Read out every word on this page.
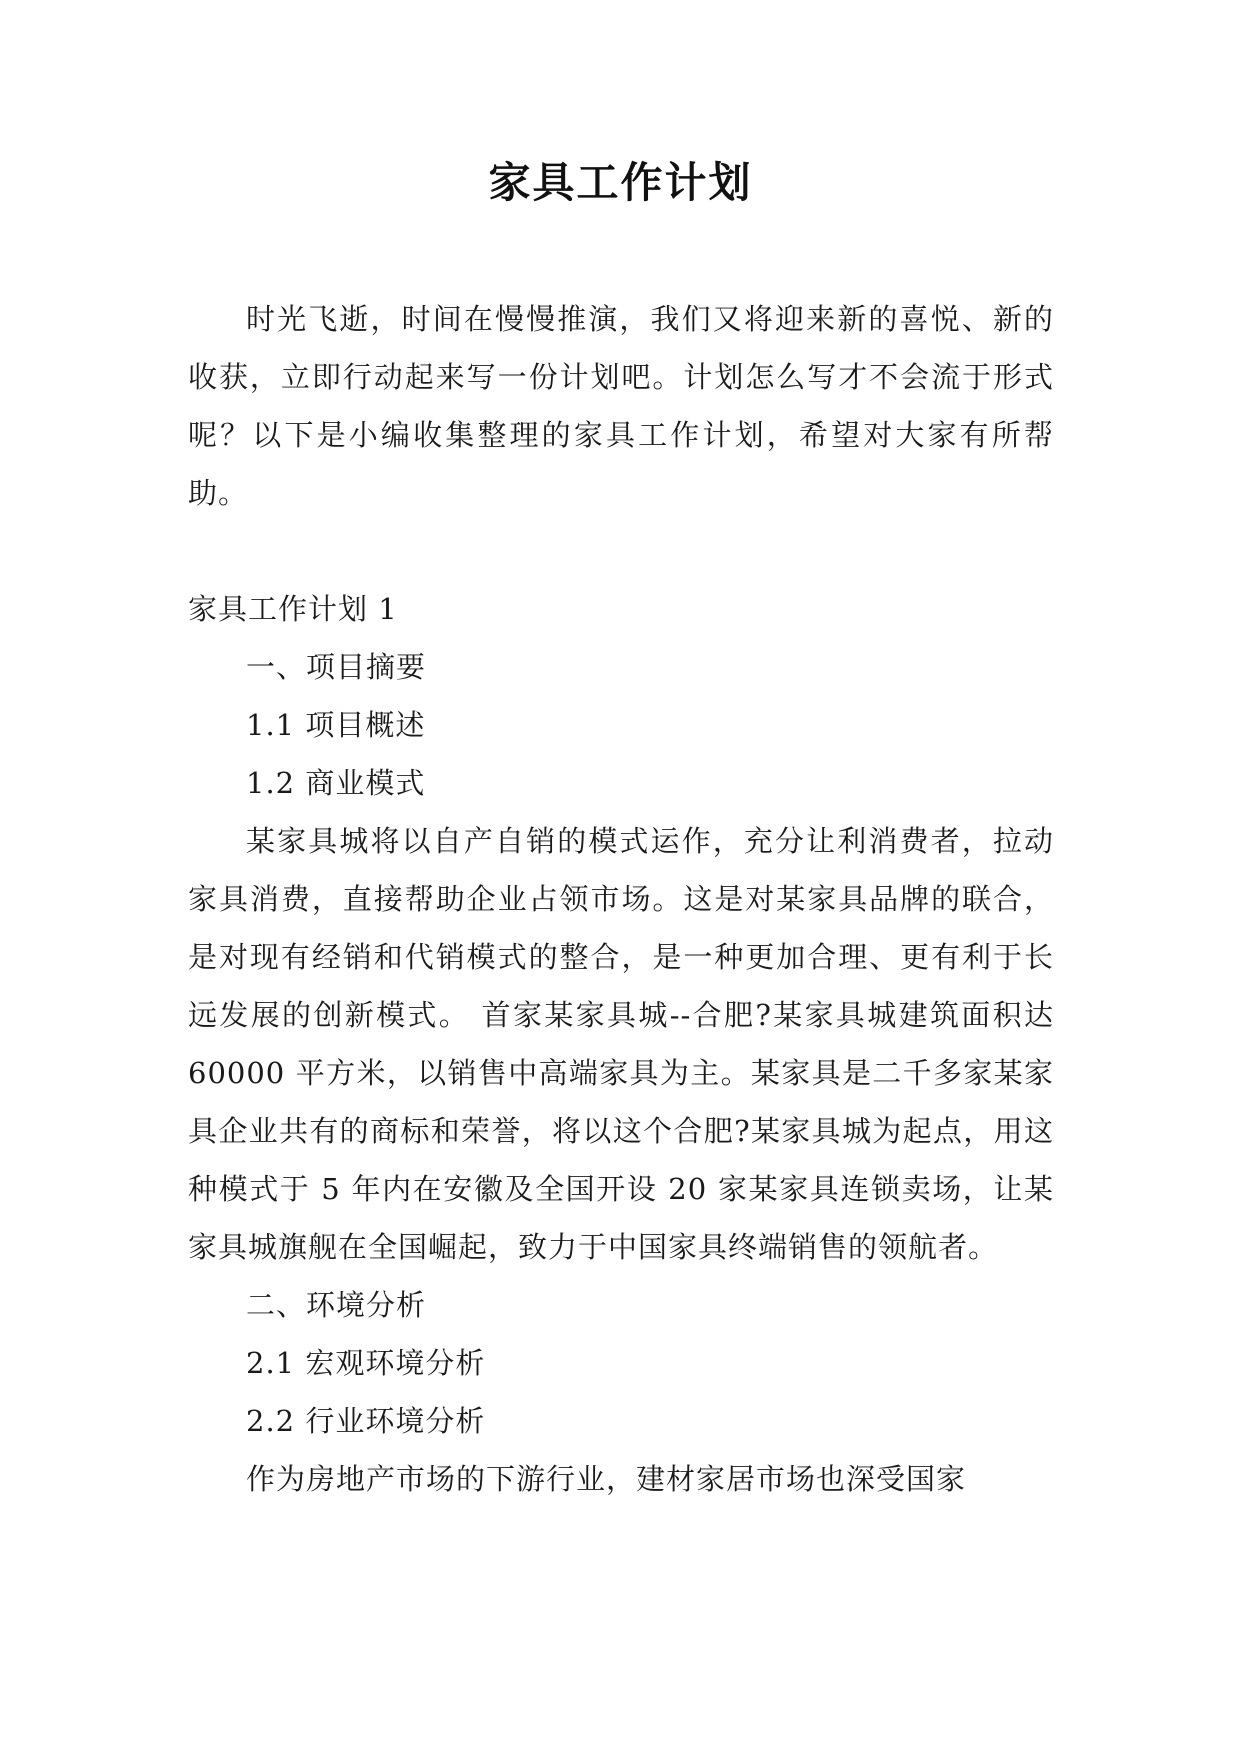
家具工作计划

时光飞逝，时间在慢慢推演，我们又将迎来新的喜悦、新的收获，立即行动起来写一份计划吧。计划怎么写才不会流于形式呢？以下是小编收集整理的家具工作计划，希望对大家有所帮助。

家具工作计划 1

一、项目摘要

1.1 项目概述

1.2 商业模式

某家具城将以自产自销的模式运作，充分让利消费者，拉动家具消费，直接帮助企业占领市场。这是对某家具品牌的联合，是对现有经销和代销模式的整合，是一种更加合理、更有利于长远发展的创新模式。 首家某家具城--合肥?某家具城建筑面积达 60000 平方米，以销售中高端家具为主。某家具是二千多家某家具企业共有的商标和荣誉，将以这个合肥?某家具城为起点，用这种模式于 5 年内在安徽及全国开设 20 家某家具连锁卖场，让某家具城旗舰在全国崛起，致力于中国家具终端销售的领航者。

二、环境分析

2.1 宏观环境分析

2.2 行业环境分析

作为房地产市场的下游行业，建材家居市场也深受国家
